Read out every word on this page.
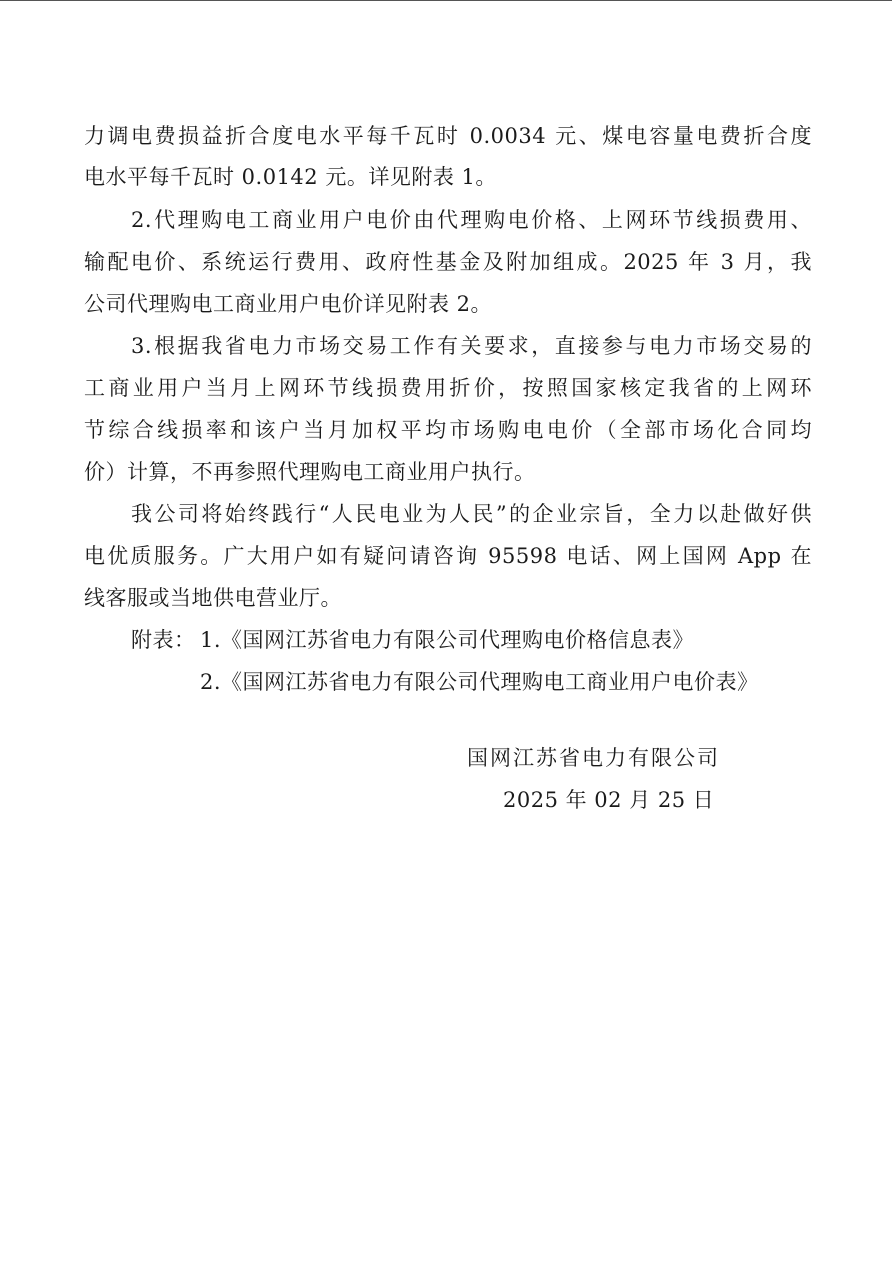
力调电费损益折合度电水平每千瓦时 0.0034 元、煤电容量电费折合度
电水平每千瓦时 0.0142 元。详见附表 1。
2.代理购电工商业用户电价由代理购电价格、上网环节线损费用、
输配电价、系统运行费用、政府性基金及附加组成。2025 年 3 月，我
公司代理购电工商业用户电价详见附表 2。
3.根据我省电力市场交易工作有关要求，直接参与电力市场交易的
工商业用户当月上网环节线损费用折价，按照国家核定我省的上网环
节综合线损率和该户当月加权平均市场购电电价（全部市场化合同均
价）计算，不再参照代理购电工商业用户执行。
我公司将始终践行“人民电业为人民”的企业宗旨，全力以赴做好供
电优质服务。广大用户如有疑问请咨询 95598 电话、网上国网 App 在
线客服或当地供电营业厅。
附表： 1.《国网江苏省电力有限公司代理购电价格信息表》
2.《国网江苏省电力有限公司代理购电工商业用户电价表》
国网江苏省电力有限公司
2025 年 02 月 25 日
